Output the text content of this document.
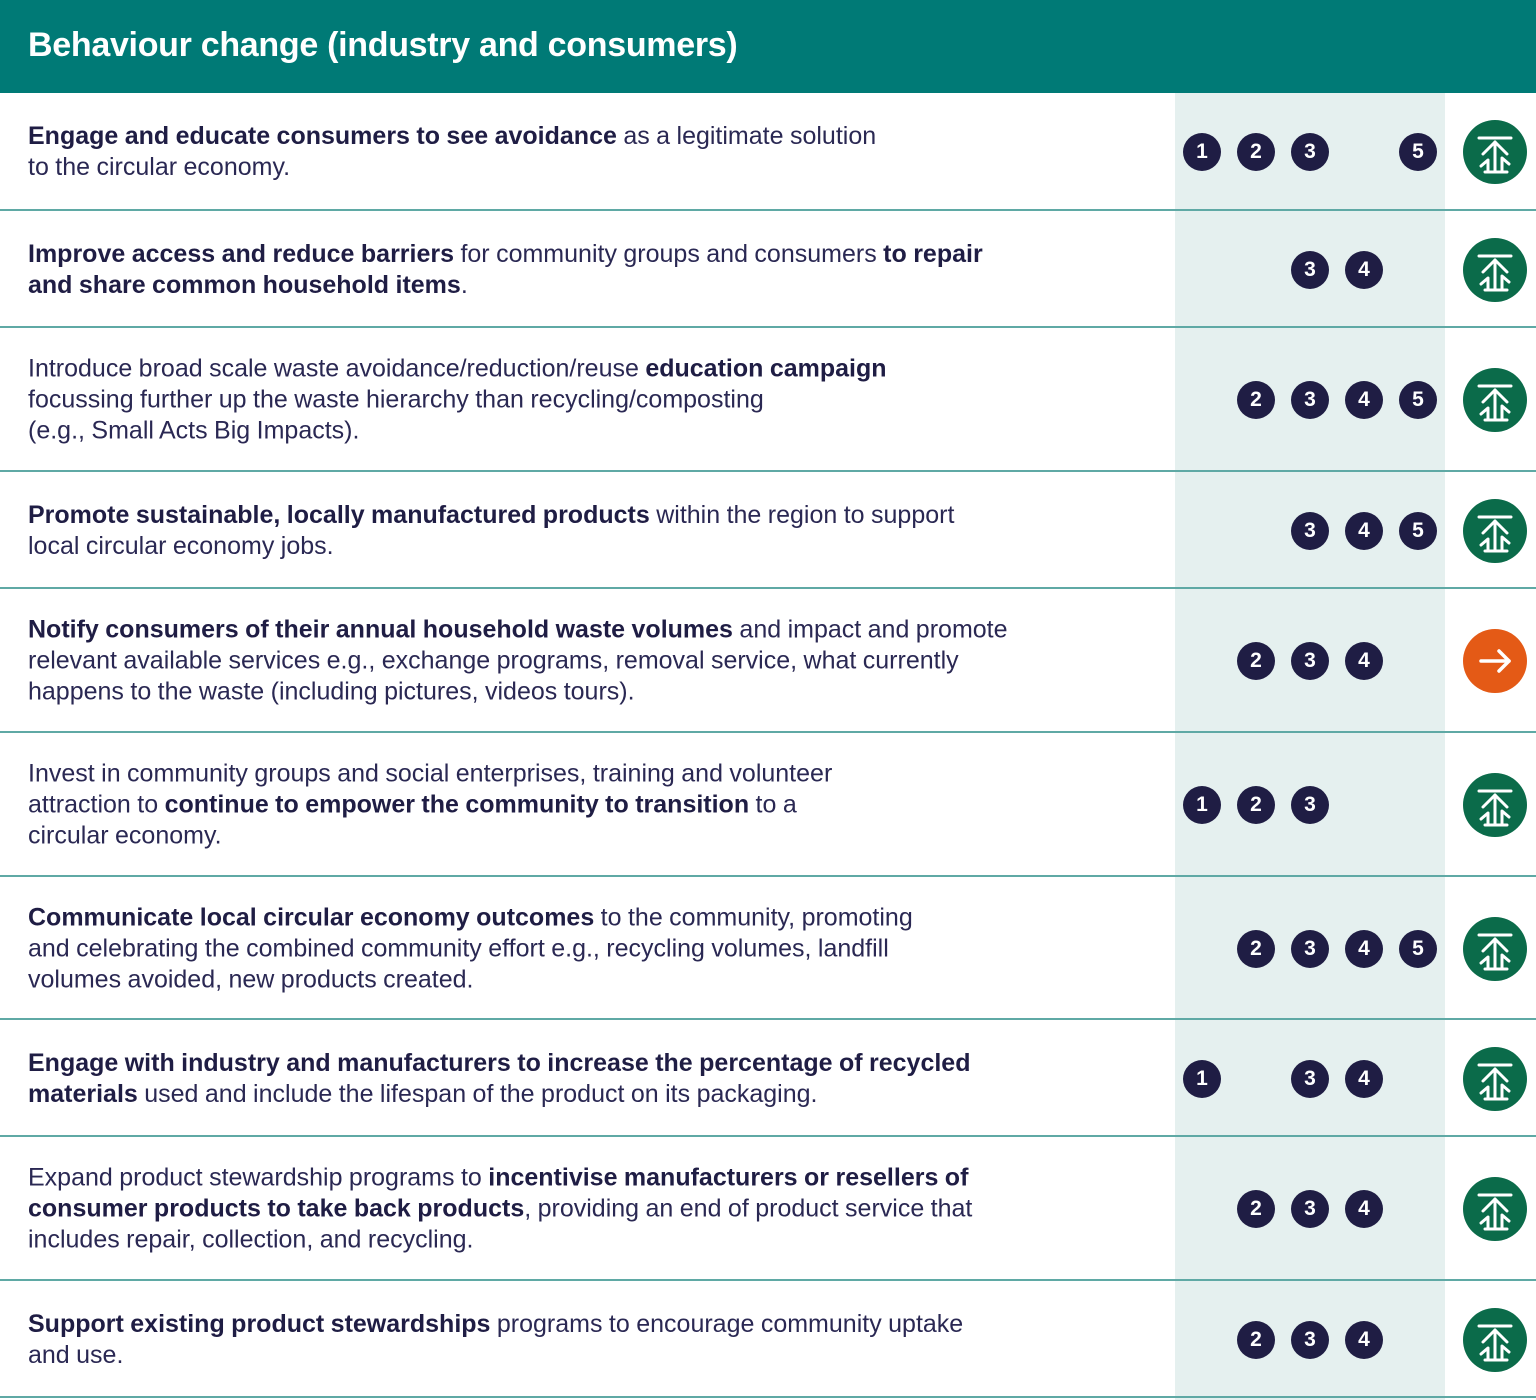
Behaviour change (industry and consumers)

Engage and educate consumers to see avoidance as a legitimate solution
to the circular economy.

1	2	3	5

Improve access and reduce barriers for community groups and consumers to repair
and share common household items.

3	4

Introduce broad scale waste avoidance/reduction/reuse education campaign
focussing further up the waste hierarchy than recycling/composting
(e.g., Small Acts Big Impacts).

2	3	4	5

Promote sustainable, locally manufactured products within the region to support
local circular economy jobs.

3	4	5

Notify consumers of their annual household waste volumes and impact and promote
relevant available services e.g., exchange programs, removal service, what currently
happens to the waste (including pictures, videos tours).

2	3	4

Invest in community groups and social enterprises, training and volunteer
attraction to continue to empower the community to transition to a
circular economy.

1	2	3

Communicate local circular economy outcomes to the community, promoting
and celebrating the combined community effort e.g., recycling volumes, landfill
volumes avoided, new products created.

2	3	4	5

Engage with industry and manufacturers to increase the percentage of recycled
materials used and include the lifespan of the product on its packaging.

1	3	4

Expand product stewardship programs to incentivise manufacturers or resellers of
consumer products to take back products, providing an end of product service that
includes repair, collection, and recycling.

2	3	4

Support existing product stewardships programs to encourage community uptake
and use.

2	3	4
